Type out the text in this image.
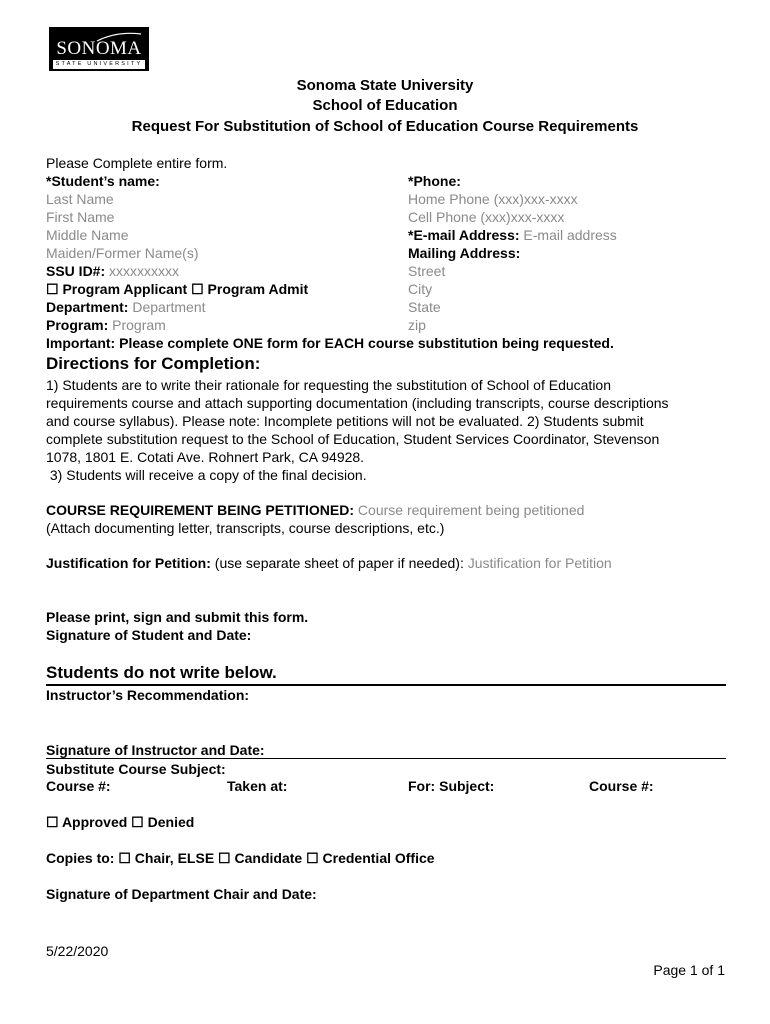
SONOMA
STATE UNIVERSITY
Sonoma State University
School of Education
Request For Substitution of School of Education Course Requirements
Please Complete entire form.
*Student’s name:
Last Name
First Name
Middle Name
Maiden/Former Name(s)
SSU ID#: xxxxxxxxxx
☐ Program Applicant ☐ Program Admit
Department: Department
Program: Program
*Phone:
Home Phone (xxx)xxx-xxxx
Cell Phone (xxx)xxx-xxxx
*E-mail Address: E-mail address
Mailing Address:
Street
City
State
zip
Important: Please complete ONE form for EACH course substitution being requested.
Directions for Completion:
1) Students are to write their rationale for requesting the substitution of School of Education
requirements course and attach supporting documentation (including transcripts, course descriptions
and course syllabus). Please note: Incomplete petitions will not be evaluated. 2) Students submit
complete substitution request to the School of Education, Student Services Coordinator, Stevenson
1078, 1801 E. Cotati Ave. Rohnert Park, CA 94928.
3) Students will receive a copy of the final decision.
COURSE REQUIREMENT BEING PETITIONED: Course requirement being petitioned
(Attach documenting letter, transcripts, course descriptions, etc.)
Justification for Petition: (use separate sheet of paper if needed): Justification for Petition
Please print, sign and submit this form.
Signature of Student and Date:
Students do not write below.
Instructor’s Recommendation:
Signature of Instructor and Date:
Substitute Course Subject:
Course #:	Taken at:	For: Subject:	Course #:
☐ Approved ☐ Denied
Copies to: ☐ Chair, ELSE ☐ Candidate ☐ Credential Office
Signature of Department Chair and Date:
5/22/2020
Page 1 of 1
